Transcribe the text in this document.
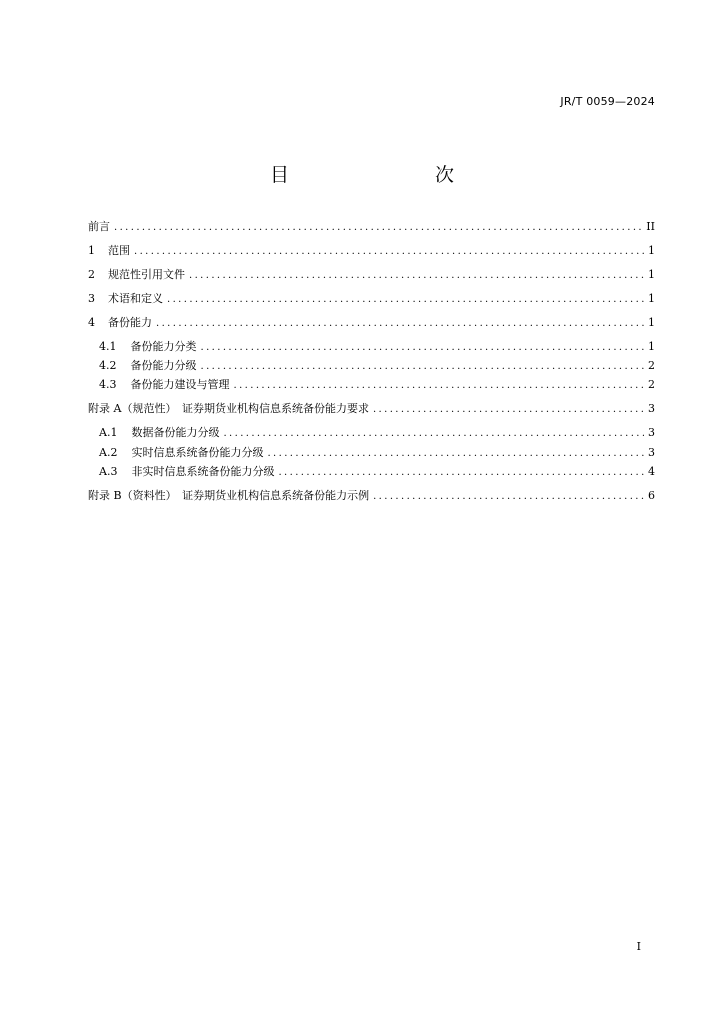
JR/T 0059—2024
目　　次
前言 .....	II
1 范围 .....	1
2 规范性引用文件 .....	1
3 术语和定义 .....	1
4 备份能力 .....	1
4.1 备份能力分类 .....	1
4.2 备份能力分级 .....	2
4.3 备份能力建设与管理 .....	2
附录 A（规范性）　证券期货业机构信息系统备份能力要求 .....	3
A.1 数据备份能力分级 .....	3
A.2 实时信息系统备份能力分级 .....	3
A.3 非实时信息系统备份能力分级 .....	4
附录 B（资料性）　证券期货业机构信息系统备份能力示例 .....	6
I
